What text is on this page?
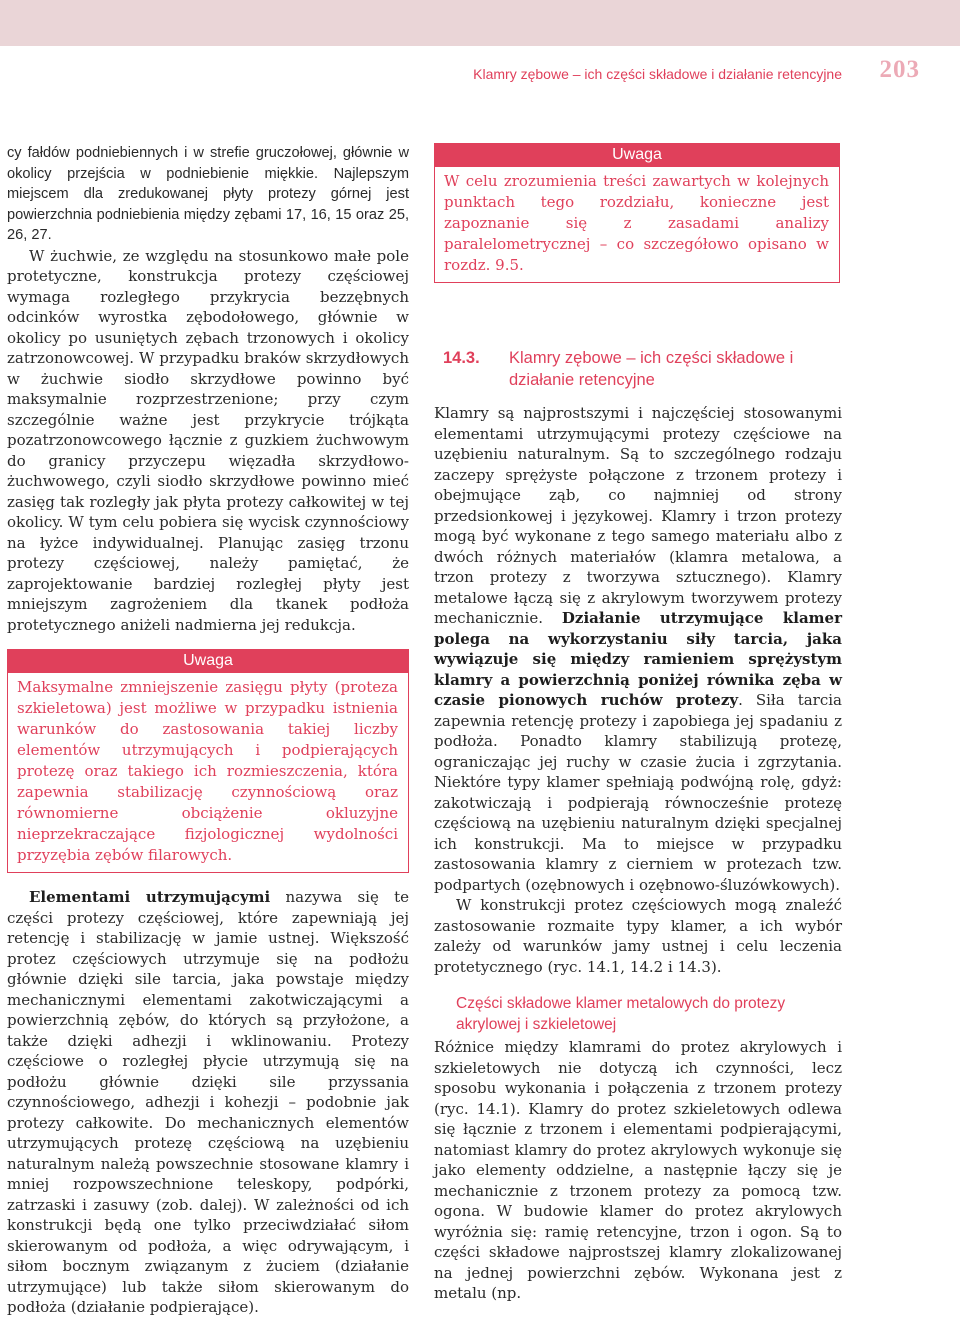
Klamry zębowe – ich części składowe i działanie retencyjne 203

cy fałdów podniebiennych i w strefie gruczołowej, głównie w okolicy przejścia w podniebienie miękkie. Najlepszym miejscem dla zredukowanej płyty protezy górnej jest powierzchnia podniebienia między zębami 17, 16, 15 oraz 25, 26, 27.

W żuchwie, ze względu na stosunkowo małe pole protetyczne, konstrukcja protezy częściowej wymaga rozległego przykrycia bezzębnych odcinków wyrostka zębodołowego, głównie w okolicy po usuniętych zębach trzonowych i okolicy zatrzonowcowej. W przypadku braków skrzydłowych w żuchwie siodło skrzydłowe powinno być maksymalnie rozprzestrzenione; przy czym szczególnie ważne jest przykrycie trójkąta pozatrzonowcowego łącznie z guzkiem żuchwowym do granicy przyczepu więzadła skrzydłowo-żuchwowego, czyli siodło skrzydłowe powinno mieć zasięg tak rozległy jak płyta protezy całkowitej w tej okolicy. W tym celu pobiera się wycisk czynnościowy na łyżce indywidualnej. Planując zasięg trzonu protezy częściowej, należy pamiętać, że zaprojektowanie bardziej rozległej płyty jest mniejszym zagrożeniem dla tkanek podłoża protetycznego aniżeli nadmierna jej redukcja.

Uwaga

Maksymalne zmniejszenie zasięgu płyty (proteza szkieletowa) jest możliwe w przypadku istnienia warunków do zastosowania takiej liczby elementów utrzymujących i podpierających protezę oraz takiego ich rozmieszczenia, która zapewnia stabilizację czynnościową oraz równomierne obciążenie okluzyjne nieprzekraczające fizjologicznej wydolności przyzębia zębów filarowych.

Elementami utrzymującymi nazywa się te części protezy częściowej, które zapewniają jej retencję i stabilizację w jamie ustnej. Większość protez częściowych utrzymuje się na podłożu głównie dzięki sile tarcia, jaka powstaje między mechanicznymi elementami zakotwiczającymi a powierzchnią zębów, do których są przyłożone, a także dzięki adhezji i wklinowaniu. Protezy częściowe o rozległej płycie utrzymują się na podłożu głównie dzięki sile przyssania czynnościowego, adhezji i kohezji – podobnie jak protezy całkowite. Do mechanicznych elementów utrzymujących protezę częściową na uzębieniu naturalnym należą powszechnie stosowane klamry i mniej rozpowszechnione teleskopy, podpórki, zatrzaski i zasuwy (zob. dalej). W zależności od ich konstrukcji będą one tylko przeciwdziałać siłom skierowanym od podłoża, a więc odrywającym, i siłom bocznym związanym z żuciem (działanie utrzymujące) lub także siłom skierowanym do podłoża (działanie podpierające).

Uwaga

W celu zrozumienia treści zawartych w kolejnych punktach tego rozdziału, konieczne jest zapoznanie się z zasadami analizy paralelometrycznej – co szczegółowo opisano w rozdz. 9.5.

14.3.	Klamry zębowe – ich części składowe i działanie retencyjne

Klamry są najprostszymi i najczęściej stosowanymi elementami utrzymującymi protezy częściowe na uzębieniu naturalnym. Są to szczególnego rodzaju zaczepy sprężyste połączone z trzonem protezy i obejmujące ząb, co najmniej od strony przedsionkowej i językowej. Klamry i trzon protezy mogą być wykonane z tego samego materiału albo z dwóch różnych materiałów (klamra metalowa, a trzon protezy z tworzywa sztucznego). Klamry metalowe łączą się z akrylowym tworzywem protezy mechanicznie. Działanie utrzymujące klamer polega na wykorzystaniu siły tarcia, jaka wywiązuje się między ramieniem sprężystym klamry a powierzchnią poniżej równika zęba w czasie pionowych ruchów protezy. Siła tarcia zapewnia retencję protezy i zapobiega jej spadaniu z podłoża. Ponadto klamry stabilizują protezę, ograniczając jej ruchy w czasie żucia i zgrzytania. Niektóre typy klamer spełniają podwójną rolę, gdyż: zakotwiczają i podpierają równocześnie protezę częściową na uzębieniu naturalnym dzięki specjalnej ich konstrukcji. Ma to miejsce w przypadku zastosowania klamry z cierniem w protezach tzw. podpartych (ozębnowych i ozębnowo-śluzówkowych).

W konstrukcji protez częściowych mogą znaleźć zastosowanie rozmaite typy klamer, a ich wybór zależy od warunków jamy ustnej i celu leczenia protetycznego (ryc. 14.1, 14.2 i 14.3).

Części składowe klamer metalowych do protezy akrylowej i szkieletowej

Różnice między klamrami do protez akrylowych i szkieletowych nie dotyczą ich czynności, lecz sposobu wykonania i połączenia z trzonem protezy (ryc. 14.1). Klamry do protez szkieletowych odlewa się łącznie z trzonem i elementami podpierającymi, natomiast klamry do protez akrylowych wykonuje się jako elementy oddzielne, a następnie łączy się je mechanicznie z trzonem protezy za pomocą tzw. ogona. W budowie klamer do protez akrylowych wyróżnia się: ramię retencyjne, trzon i ogon. Są to części składowe najprostszej klamry zlokalizowanej na jednej powierzchni zębów. Wykonana jest z metalu (np.
